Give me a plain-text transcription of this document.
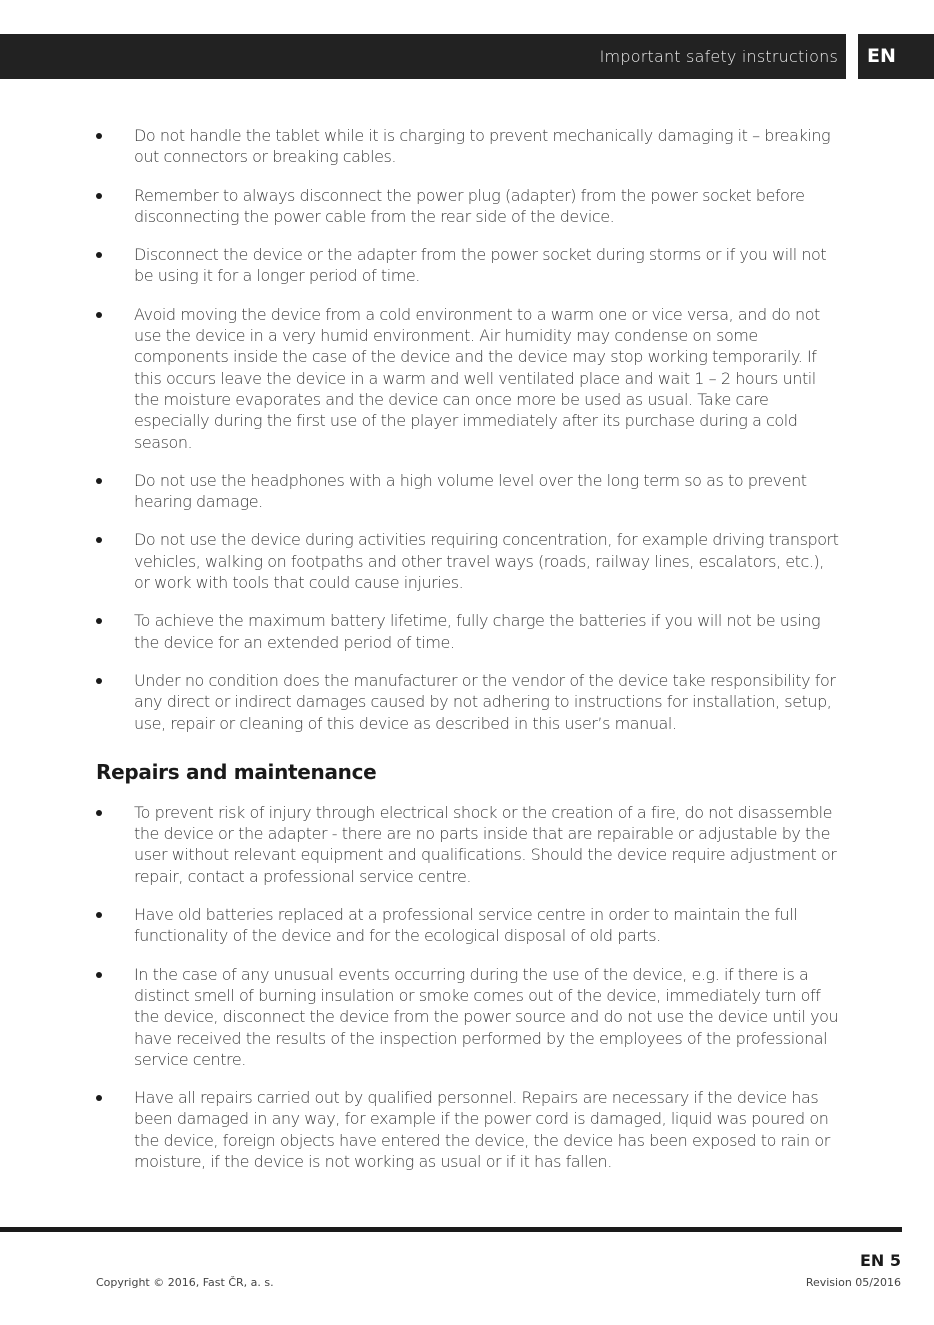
Important safety instructions EN
Do not handle the tablet while it is charging to prevent mechanically damaging it – breaking out connectors or breaking cables.
Remember to always disconnect the power plug (adapter) from the power socket before disconnecting the power cable from the rear side of the device.
Disconnect the device or the adapter from the power socket during storms or if you will not be using it for a longer period of time.
Avoid moving the device from a cold environment to a warm one or vice versa, and do not use the device in a very humid environment. Air humidity may condense on some components inside the case of the device and the device may stop working temporarily. If this occurs leave the device in a warm and well ventilated place and wait 1 – 2 hours until the moisture evaporates and the device can once more be used as usual. Take care especially during the first use of the player immediately after its purchase during a cold season.
Do not use the headphones with a high volume level over the long term so as to prevent hearing damage.
Do not use the device during activities requiring concentration, for example driving transport vehicles, walking on footpaths and other travel ways (roads, railway lines, escalators, etc.), or work with tools that could cause injuries.
To achieve the maximum battery lifetime, fully charge the batteries if you will not be using the device for an extended period of time.
Under no condition does the manufacturer or the vendor of the device take responsibility for any direct or indirect damages caused by not adhering to instructions for installation, setup, use, repair or cleaning of this device as described in this user’s manual.
Repairs and maintenance
To prevent risk of injury through electrical shock or the creation of a fire, do not disassemble the device or the adapter - there are no parts inside that are repairable or adjustable by the user without relevant equipment and qualifications. Should the device require adjustment or repair, contact a professional service centre.
Have old batteries replaced at a professional service centre in order to maintain the full functionality of the device and for the ecological disposal of old parts.
In the case of any unusual events occurring during the use of the device, e.g. if there is a distinct smell of burning insulation or smoke comes out of the device, immediately turn off the device, disconnect the device from the power source and do not use the device until you have received the results of the inspection performed by the employees of the professional service centre.
Have all repairs carried out by qualified personnel. Repairs are necessary if the device has been damaged in any way, for example if the power cord is damaged, liquid was poured on the device, foreign objects have entered the device, the device has been exposed to rain or moisture, if the device is not working as usual or if it has fallen.
EN 5
Copyright © 2016, Fast ČR, a. s.	Revision 05/2016
